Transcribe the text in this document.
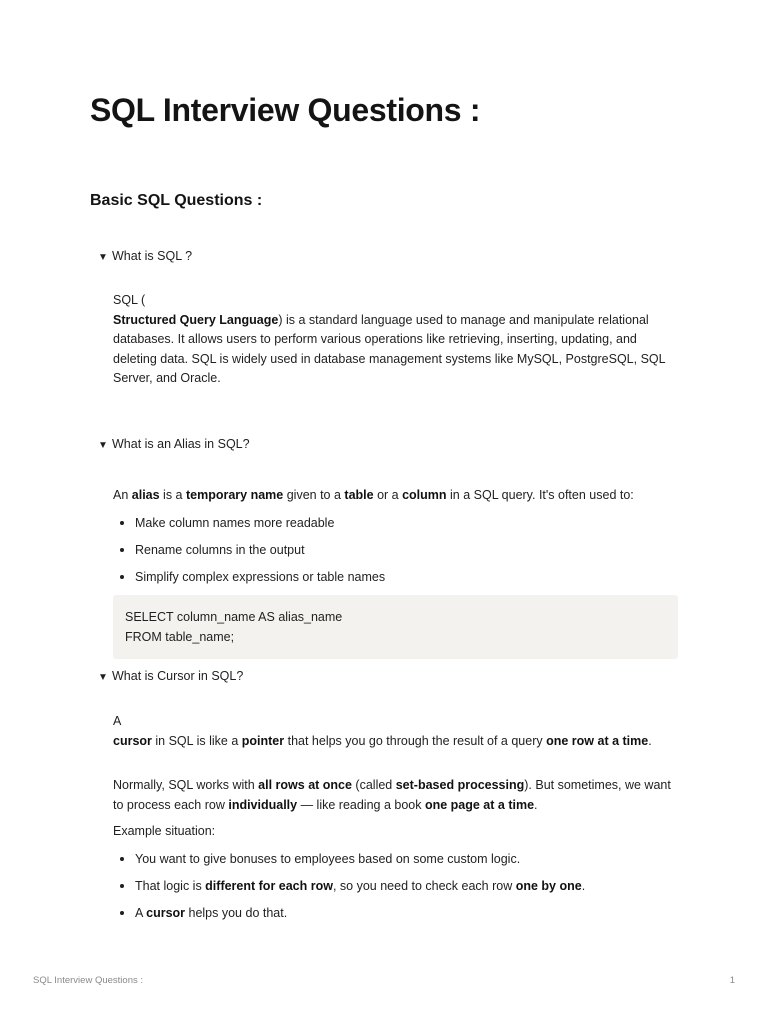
SQL Interview Questions :
Basic SQL Questions :
▼ What is SQL ?

SQL (

Structured Query Language) is a standard language used to manage and manipulate relational databases. It allows users to perform various operations like retrieving, inserting, updating, and deleting data. SQL is widely used in database management systems like MySQL, PostgreSQL, SQL Server, and Oracle.

▼ What is an Alias in SQL?

An alias is a temporary name given to a table or a column in a SQL query. It's often used to:

Make column names more readable
Rename columns in the output
Simplify complex expressions or table names
SELECT column_name AS alias_name
FROM table_name;
▼ What is Cursor in SQL?

A

cursor in SQL is like a pointer that helps you go through the result of a query one row at a time.

Normally, SQL works with all rows at once (called set-based processing). But sometimes, we want to process each row individually — like reading a book one page at a time.

Example situation:

You want to give bonuses to employees based on some custom logic.
That logic is different for each row, so you need to check each row one by one.
A cursor helps you do that.
SQL Interview Questions :	1
